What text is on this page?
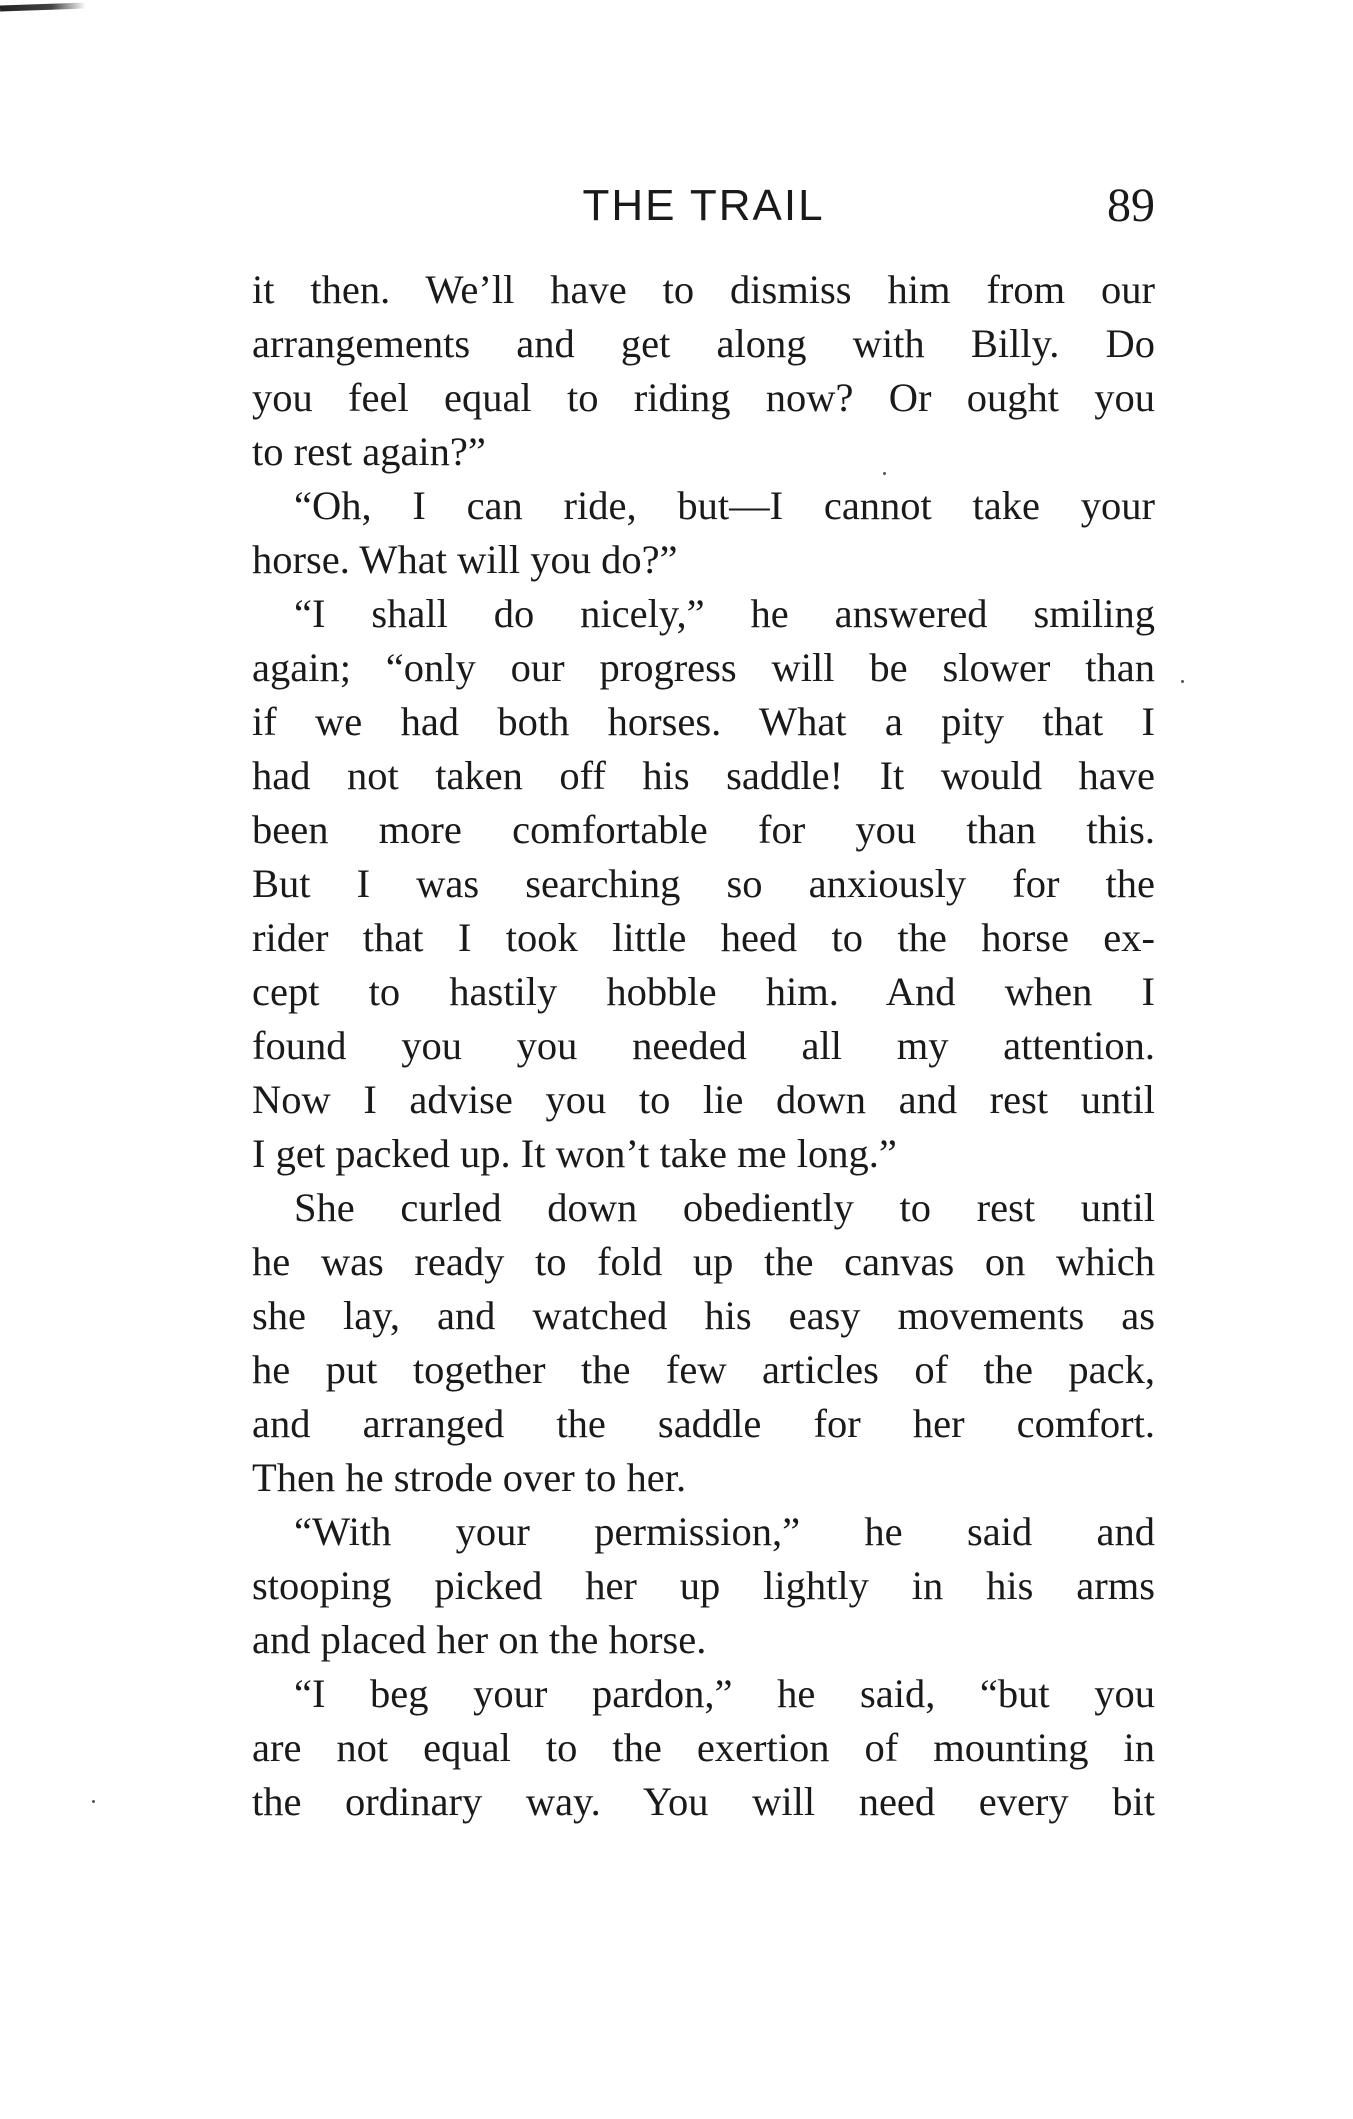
THE TRAIL	89
it then. We’ll have to dismiss him from our
arrangements and get along with Billy. Do
you feel equal to riding now? Or ought you
to rest again?”
“Oh, I can ride, but—I cannot take your
horse. What will you do?”
“I shall do nicely,” he answered smiling
again; “only our progress will be slower than
if we had both horses. What a pity that I
had not taken off his saddle! It would have
been more comfortable for you than this.
But I was searching so anxiously for the
rider that I took little heed to the horse ex-
cept to hastily hobble him. And when I
found you you needed all my attention.
Now I advise you to lie down and rest until
I get packed up. It won’t take me long.”
She curled down obediently to rest until
he was ready to fold up the canvas on which
she lay, and watched his easy movements as
he put together the few articles of the pack,
and arranged the saddle for her comfort.
Then he strode over to her.
“With your permission,” he said and
stooping picked her up lightly in his arms
and placed her on the horse.
“I beg your pardon,” he said, “but you
are not equal to the exertion of mounting in
the ordinary way. You will need every bit
